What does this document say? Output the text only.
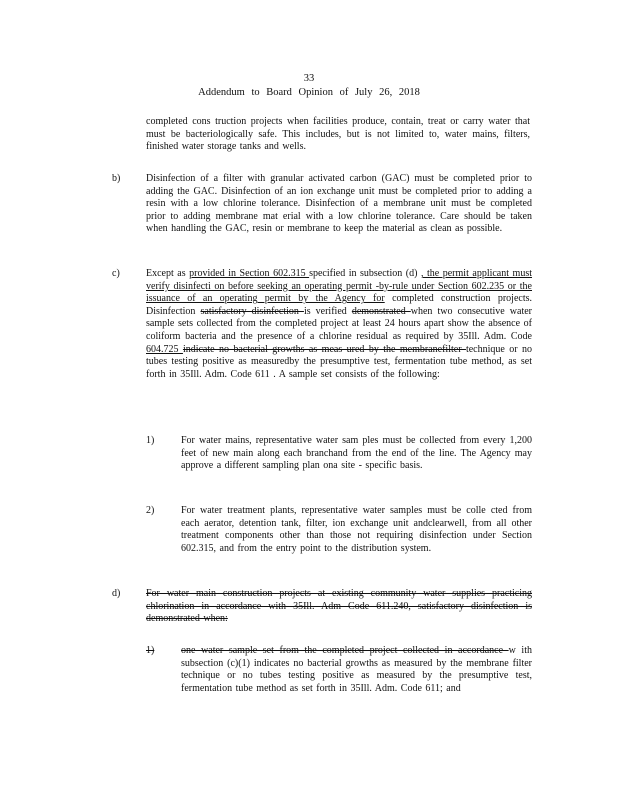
33
Addendum to Board Opinion of July 26, 2018

completed cons truction projects when facilities produce, contain, treat or carry water that must be bacteriologically safe. This includes, but is not limited to, water mains, filters, finished water storage tanks and wells.

b)	Disinfection of a filter with granular activated carbon (GAC) must be completed prior to adding the GAC. Disinfection of an ion exchange unit must be completed prior to adding a resin with a low chlorine tolerance. Disinfection of a membrane unit must be completed prior to adding membrane mat erial with a low chlorine tolerance. Care should be taken when handling the GAC, resin or membrane to keep the material as clean as possible.

c)	Except as provided in Section 602.315 specified in subsection (d) , the permit applicant must verify disinfecti on before seeking an operating permit -by-rule under Section 602.235 or the issuance of an operating permit by the Agency for completed construction projects. Disinfection satisfactory disinfection is verified demonstrated when two consecutive water sample sets collected from the completed project at least 24 hours apart show the absence of coliform bacteria and the presence of a chlorine residual as required by 35Ill. Adm. Code 604.725 indicate no bacterial growths as meas ured by the membranefilter technique or no tubes testing positive as measuredby the presumptive test, fermentation tube method, as set forth in 35Ill. Adm. Code 611 . A sample set consists of the following:

1)	For water mains, representative water sam ples must be collected from every 1,200 feet of new main along each branchand from the end of the line. The Agency may approve a different sampling plan ona site - specific basis.

2)	For water treatment plants, representative water samples must be colle cted from each aerator, detention tank, filter, ion exchange unit andclearwell, from all other treatment components other than those not requiring disinfection under Section 602.315, and from the entry point to the distribution system.

d)	For water main construction projects at existing community water supplies practicing chlorination in accordance with 35Ill. Adm Code 611.240, satisfactory disinfection is demonstrated when:

1)	one water sample set from the completed project collected in accordance w ith subsection (c)(1) indicates no bacterial growths as measured by the membrane filter technique or no tubes testing positive as measured by the presumptive test, fermentation tube method as set forth in 35Ill. Adm. Code 611; and
